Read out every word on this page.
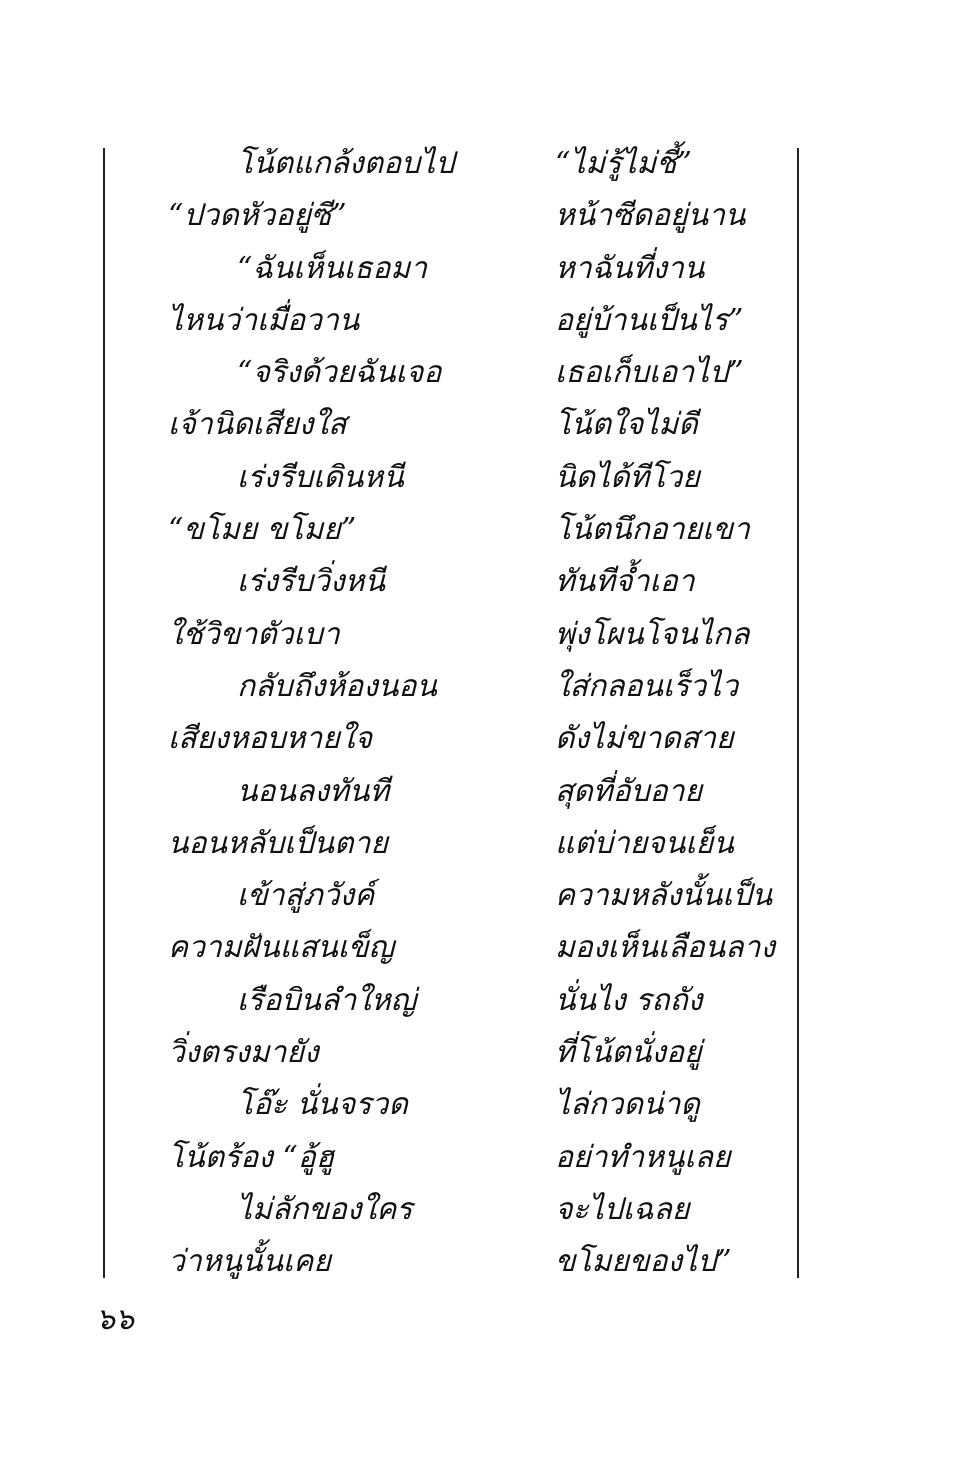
โน้ตแกล้งตอบไป	“ไม่รู้ไม่ชี้”
“ปวดหัวอยู่ซี”	หน้าซีดอยู่นาน
“ฉันเห็นเธอมา	หาฉันที่งาน
ไหนว่าเมื่อวาน	อยู่บ้านเป็นไร”
“จริงด้วยฉันเจอ	เธอเก็บเอาไป”
เจ้านิดเสียงใส	โน้ตใจไม่ดี
เร่งรีบเดินหนี	นิดได้ทีโวย
“ขโมย ขโมย”	โน้ตนึกอายเขา
เร่งรีบวิ่งหนี	ทันทีจ้ำเอา
ใช้วิขาตัวเบา	พุ่งโผนโจนไกล
กลับถึงห้องนอน	ใส่กลอนเร็วไว
เสียงหอบหายใจ	ดังไม่ขาดสาย
นอนลงทันที	สุดที่อับอาย
นอนหลับเป็นตาย	แต่บ่ายจนเย็น
เข้าสู่ภวังค์	ความหลังนั้นเป็น
ความฝันแสนเข็ญ	มองเห็นเลือนลาง
เรือบินลำใหญ่	นั่นไง รถถัง
วิ่งตรงมายัง	ที่โน้ตนั่งอยู่
โอ๊ะ นั่นจรวด	ไล่กวดน่าดู
โน้ตร้อง “อู้ฮู	อย่าทำหนูเลย
ไม่ลักของใคร	จะไปเฉลย
ว่าหนูนั้นเคย	ขโมยของไป”
๖๖
